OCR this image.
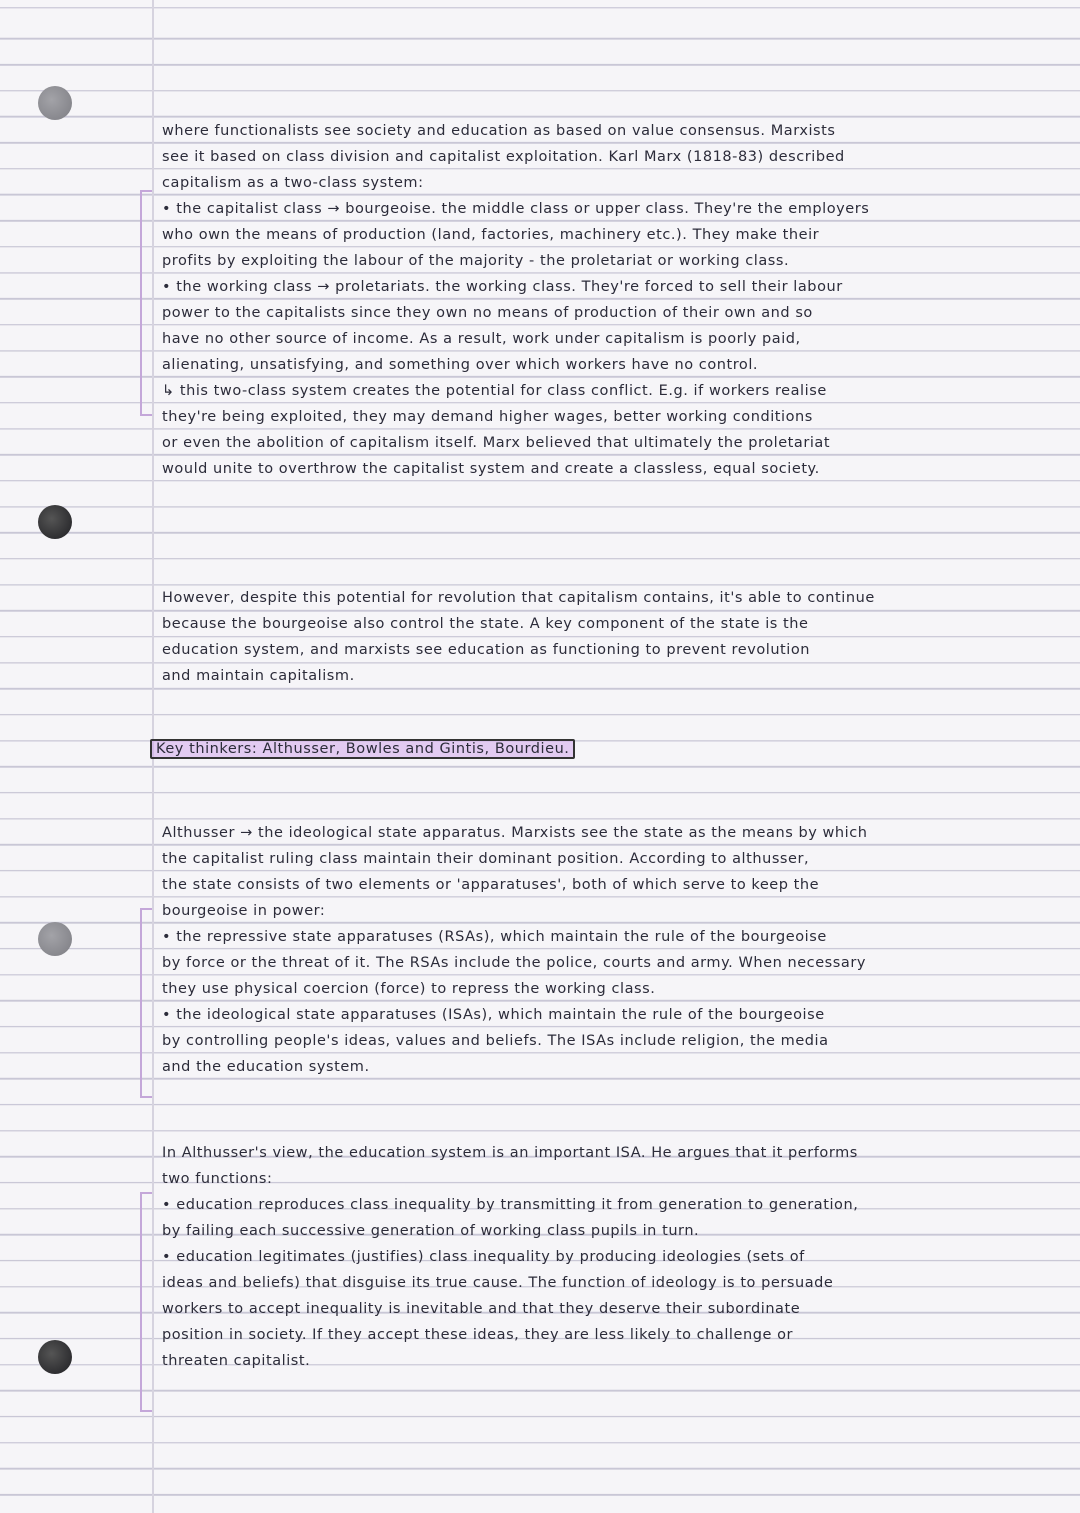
where functionalists see society and education as based on value consensus. Marxists
see it based on class division and capitalist exploitation. Karl Marx (1818-83) described
capitalism as a two-class system:
• the capitalist class → bourgeoise. the middle class or upper class. They're the employers
who own the means of production (land, factories, machinery etc.). They make their
profits by exploiting the labour of the majority - the proletariat or working class.
• the working class → proletariats. the working class. They're forced to sell their labour
power to the capitalists since they own no means of production of their own and so
have no other source of income. As a result, work under capitalism is poorly paid,
alienating, unsatisfying, and something over which workers have no control.
↳ this two-class system creates the potential for class conflict. E.g. if workers realise
they're being exploited, they may demand higher wages, better working conditions
or even the abolition of capitalism itself. Marx believed that ultimately the proletariat
would unite to overthrow the capitalist system and create a classless, equal society.
However, despite this potential for revolution that capitalism contains, it's able to continue
because the bourgeoise also control the state. A key component of the state is the
education system, and marxists see education as functioning to prevent revolution
and maintain capitalism.
Key thinkers: Althusser, Bowles and Gintis, Bourdieu.
Althusser → the ideological state apparatus. Marxists see the state as the means by which
the capitalist ruling class maintain their dominant position. According to althusser,
the state consists of two elements or 'apparatuses', both of which serve to keep the
bourgeoise in power:
• the repressive state apparatuses (RSAs), which maintain the rule of the bourgeoise
by force or the threat of it. The RSAs include the police, courts and army. When necessary
they use physical coercion (force) to repress the working class.
• the ideological state apparatuses (ISAs), which maintain the rule of the bourgeoise
by controlling people's ideas, values and beliefs. The ISAs include religion, the media
and the education system.
In Althusser's view, the education system is an important ISA. He argues that it performs
two functions:
• education reproduces class inequality by transmitting it from generation to generation,
by failing each successive generation of working class pupils in turn.
• education legitimates (justifies) class inequality by producing ideologies (sets of
ideas and beliefs) that disguise its true cause. The function of ideology is to persuade
workers to accept inequality is inevitable and that they deserve their subordinate
position in society. If they accept these ideas, they are less likely to challenge or
threaten capitalist.
